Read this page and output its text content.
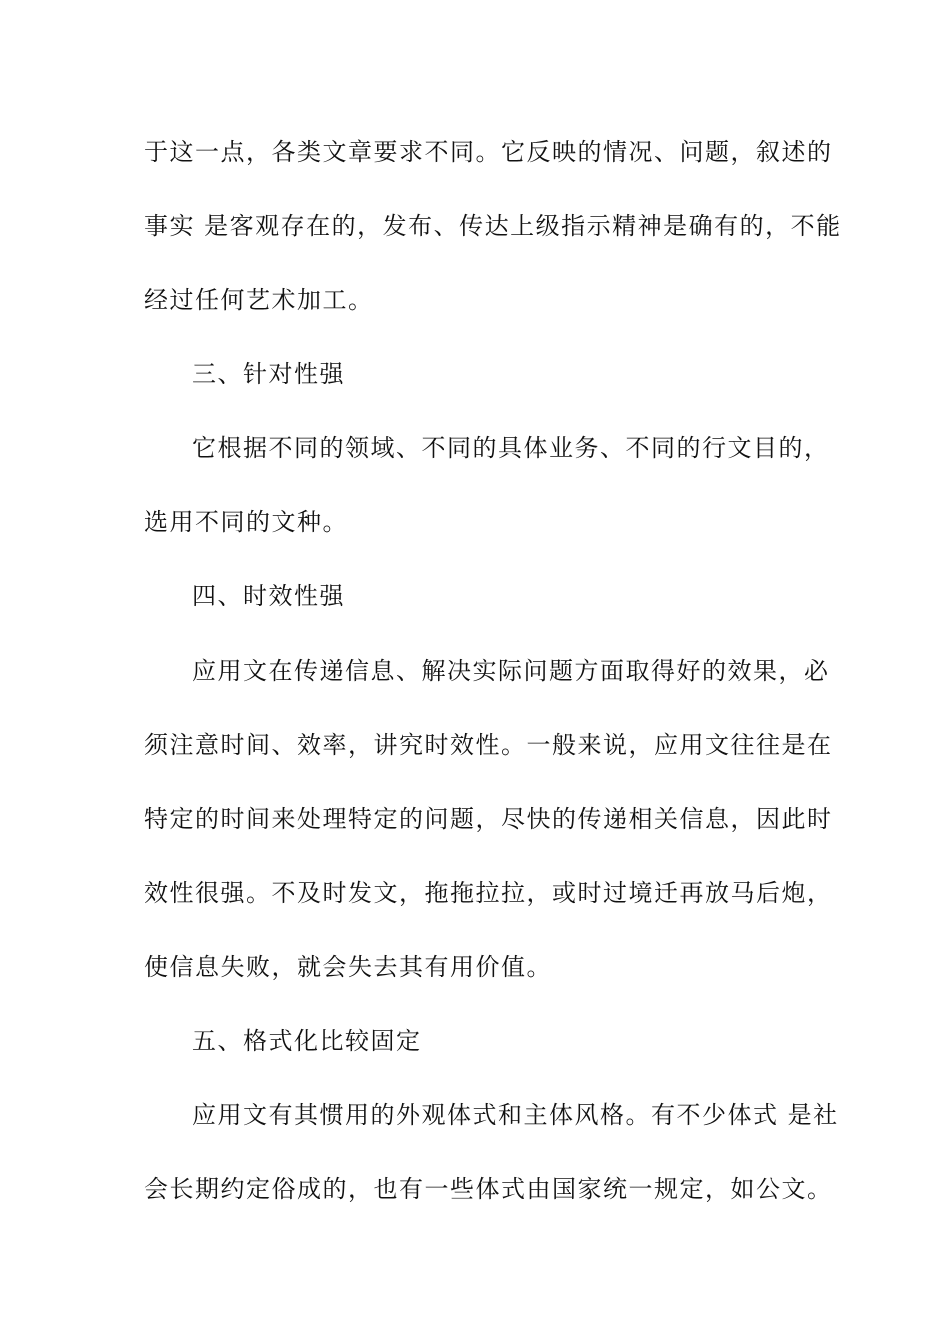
于这一点，各类文章要求不同。它反映的情况、问题，叙述的
事实 是客观存在的，发布、传达上级指示精神是确有的，不能
经过任何艺术加工。
三、针对性强
它根据不同的领域、不同的具体业务、不同的行文目的，
选用不同的文种。
四、时效性强
应用文在传递信息、解决实际问题方面取得好的效果，必
须注意时间、效率，讲究时效性。一般来说，应用文往往是在
特定的时间来处理特定的问题，尽快的传递相关信息，因此时
效性很强。不及时发文，拖拖拉拉，或时过境迁再放马后炮，
使信息失败，就会失去其有用价值。
五、格式化比较固定
应用文有其惯用的外观体式和主体风格。有不少体式 是社
会长期约定俗成的，也有一些体式由国家统一规定，如公文。
